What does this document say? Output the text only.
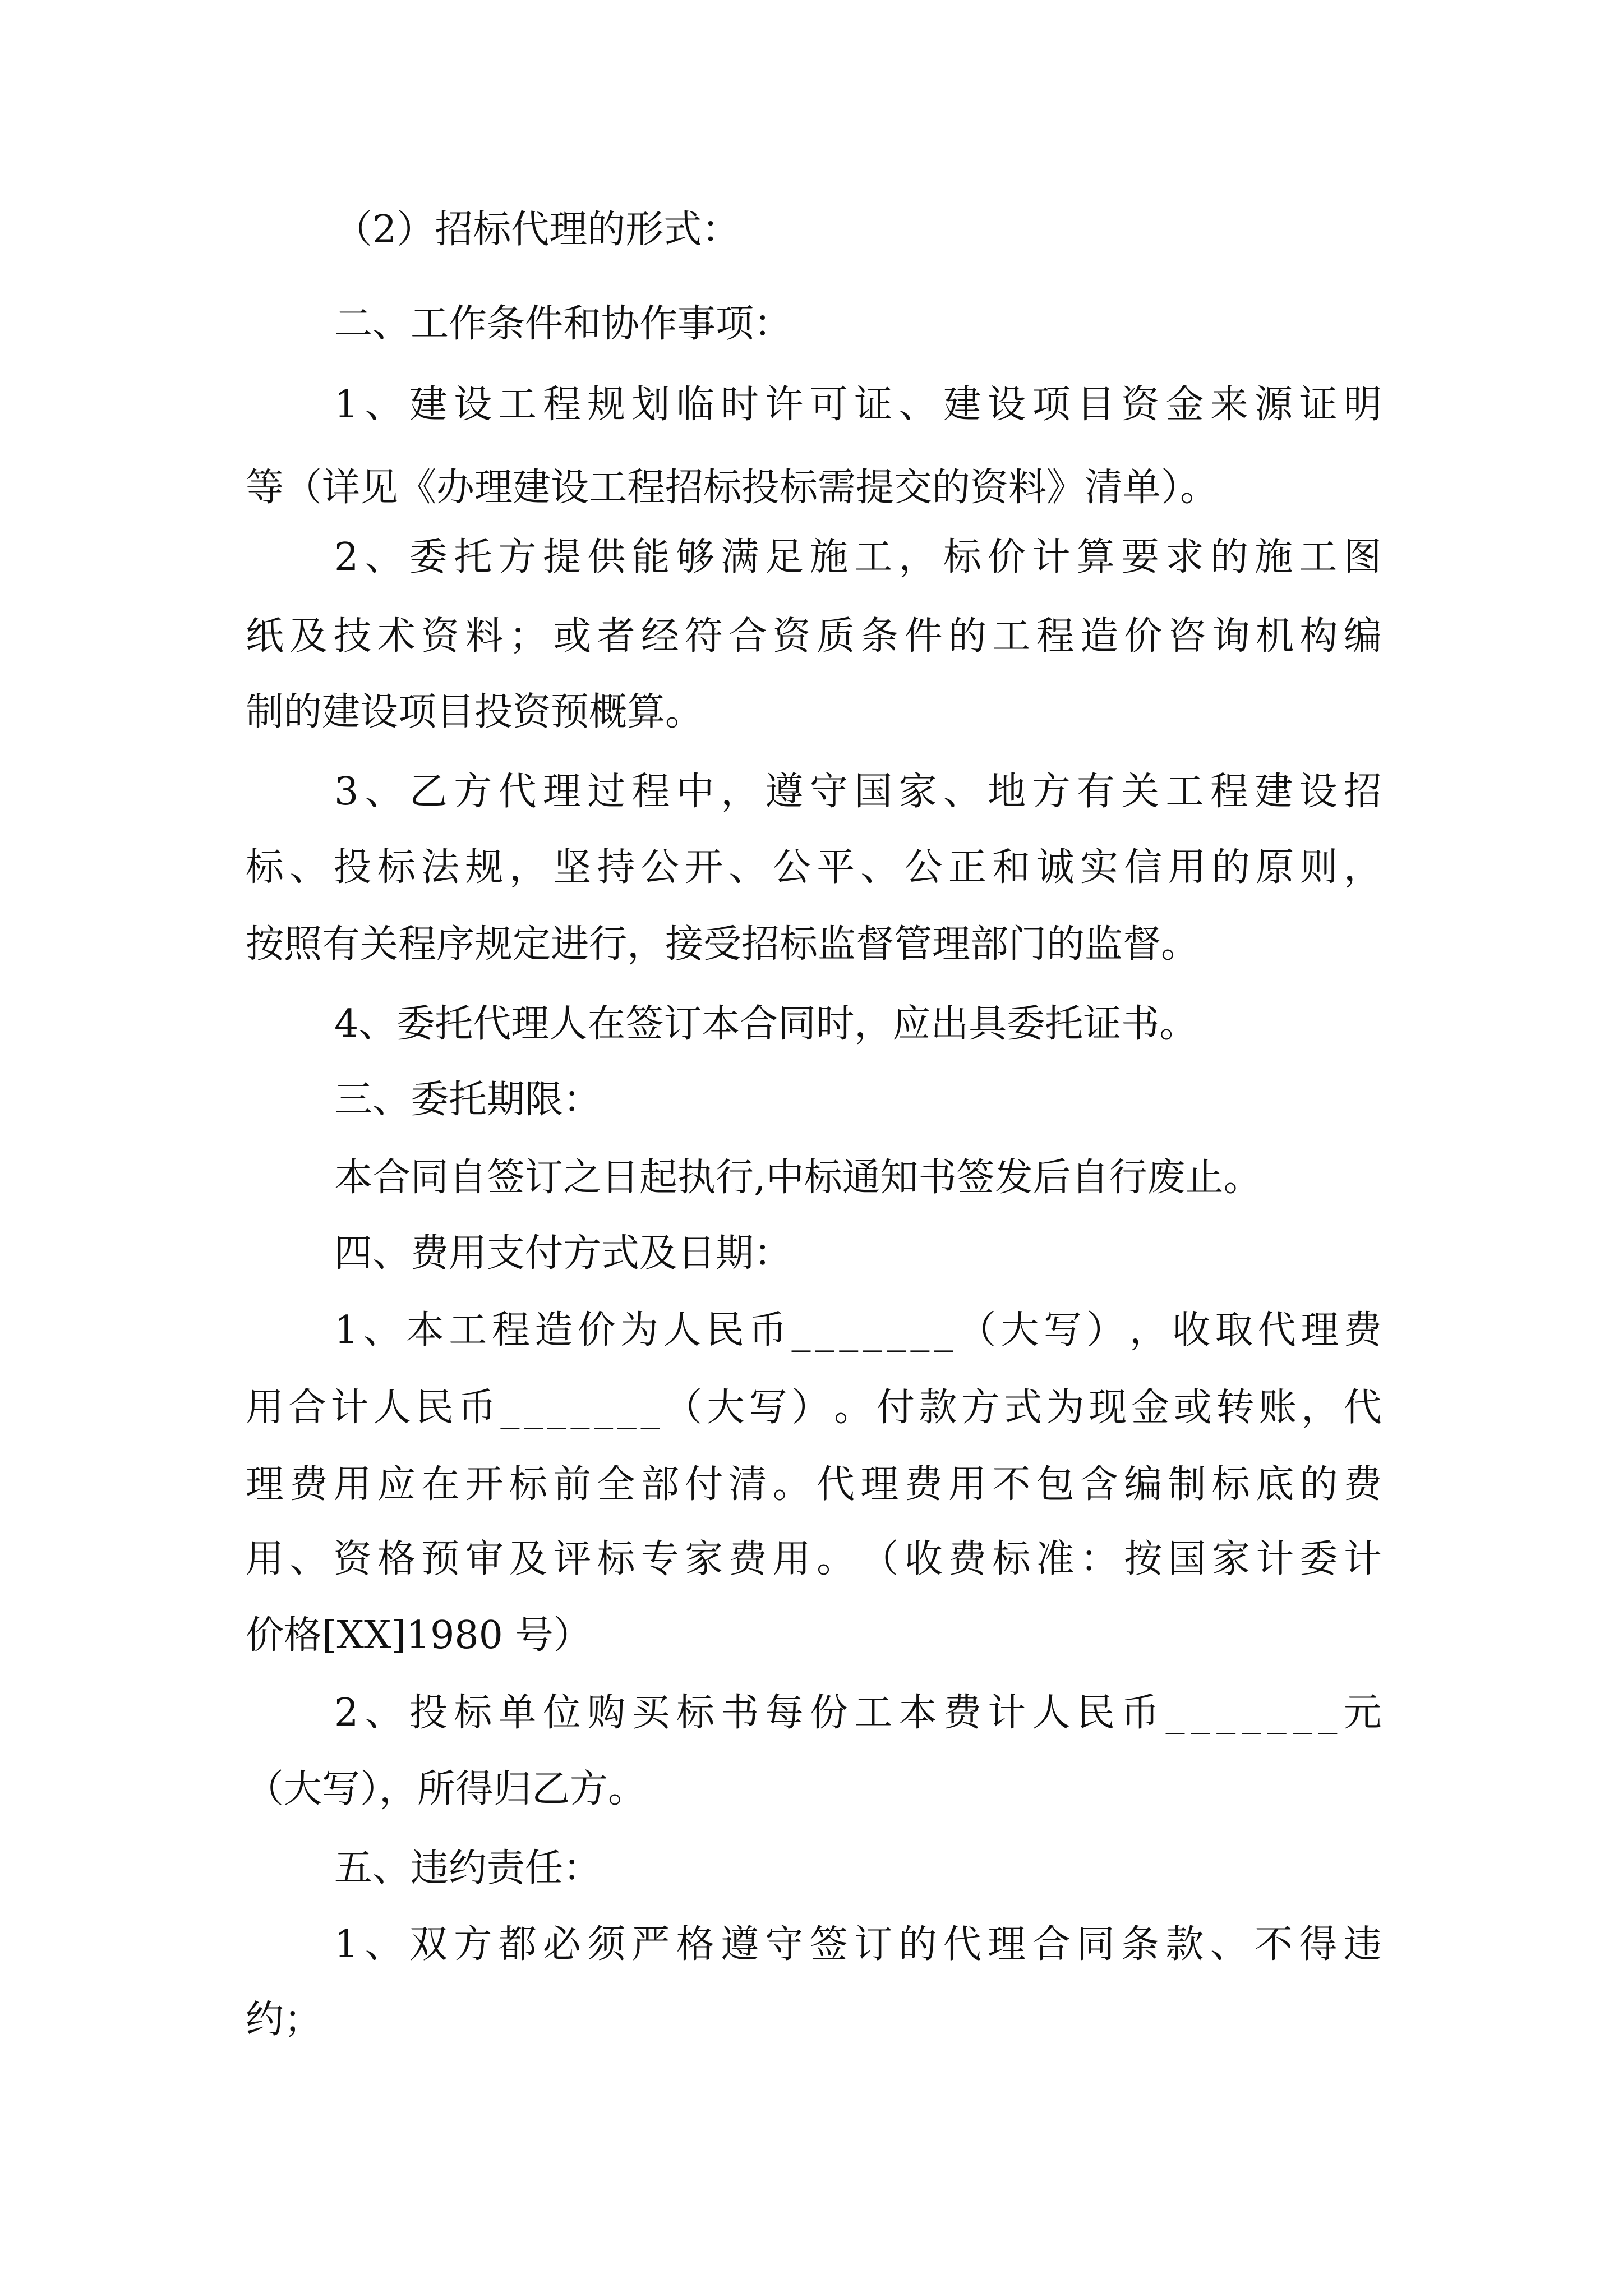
（2）招标代理的形式：
二、工作条件和协作事项：
1 、 建 设 工 程 规 划 临 时 许 可 证 、 建 设 项 目 资 金 来 源 证 明
等（详见《办理建设工程招标投标需提交的资料》清单）。
2 、 委 托 方 提 供 能 够 满 足 施 工 ， 标 价 计 算 要 求 的 施 工 图
纸 及 技 术 资 料 ； 或 者 经 符 合 资 质 条 件 的 工 程 造 价 咨 询 机 构 编
制的建设项目投资预概算。
3 、 乙 方 代 理 过 程 中 ， 遵 守 国 家 、 地 方 有 关 工 程 建 设 招
标 、 投 标 法 规 ， 坚 持 公 开 、 公 平 、 公 正 和 诚 实 信 用 的 原 则 ，
按照有关程序规定进行，接受招标监督管理部门的监督。
4、委托代理人在签订本合同时，应出具委托证书。
三、委托期限：
本合同自签订之日起执行,中标通知书签发后自行废止。
四、费用支付方式及日期：
1 、 本 工 程 造 价 为 人 民 币 _ _ _ _ _ _ _ （ 大 写 ） ， 收 取 代 理 费
用 合 计 人 民 币 _ _ _ _ _ _ _ （ 大 写 ） 。 付 款 方 式 为 现 金 或 转 账 ， 代
理 费 用 应 在 开 标 前 全 部 付 清 。 代 理 费 用 不 包 含 编 制 标 底 的 费
用 、 资 格 预 审 及 评 标 专 家 费 用 。 （ 收 费 标 准 ： 按 国 家 计 委 计
价格[XX]1980 号）
2 、 投 标 单 位 购 买 标 书 每 份 工 本 费 计 人 民 币 _ _ _ _ _ _ _ 元
（大写），所得归乙方。
五、违约责任：
1 、 双 方 都 必 须 严 格 遵 守 签 订 的 代 理 合 同 条 款 、 不 得 违
约；
